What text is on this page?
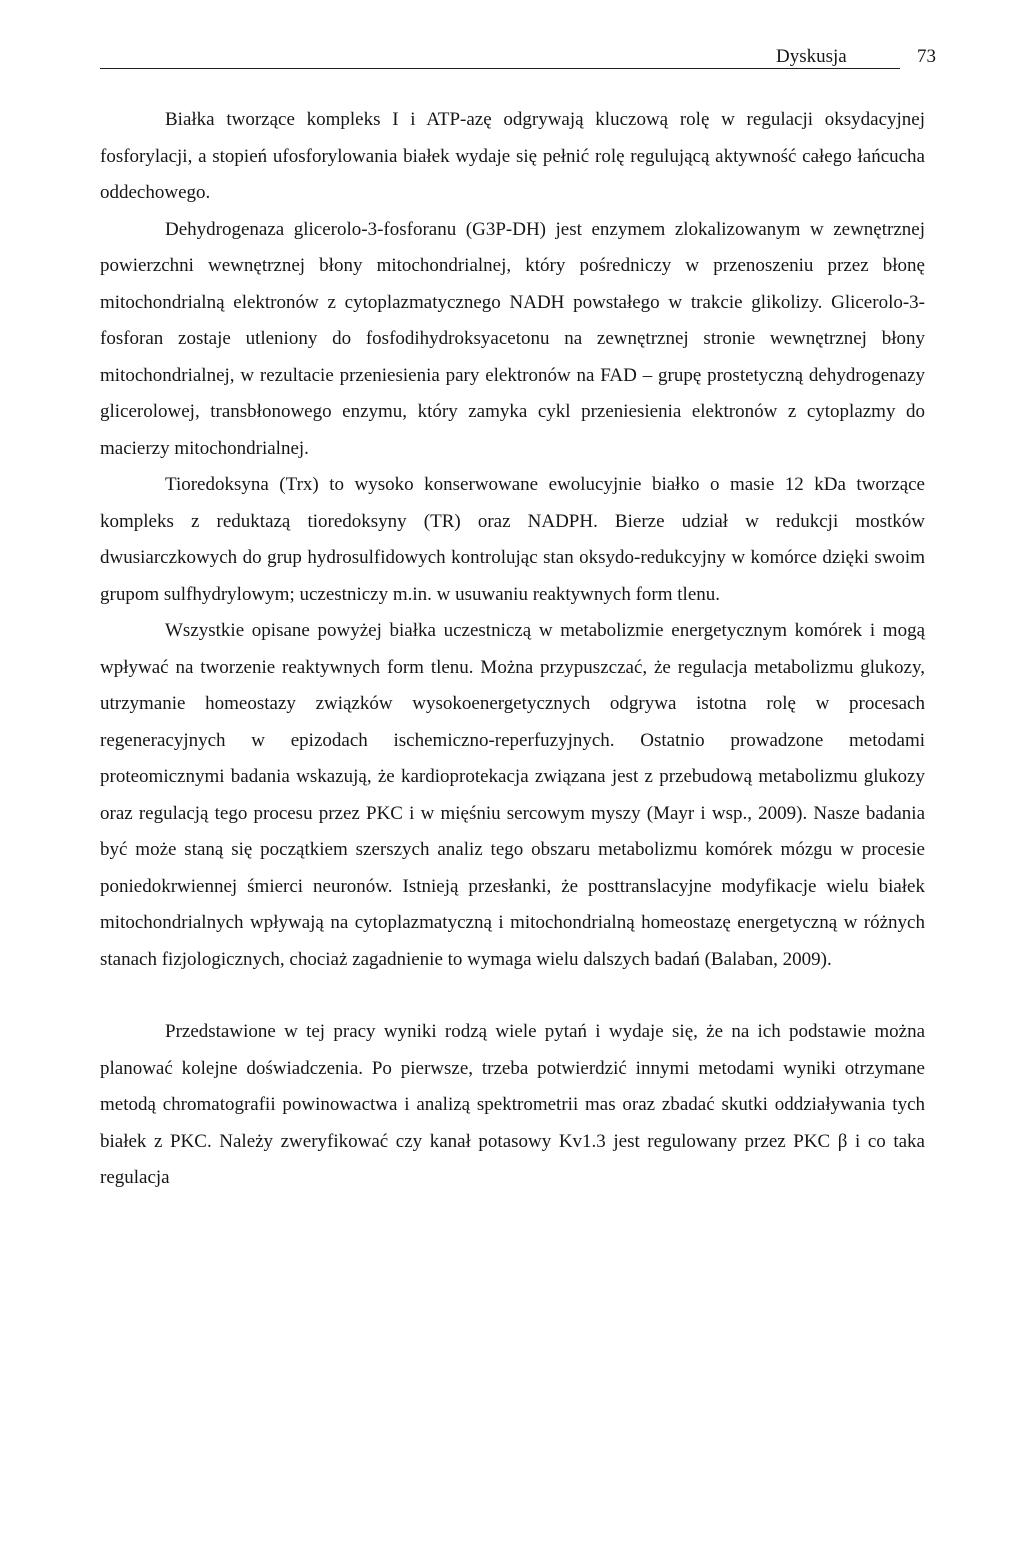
Dyskusja	73

Białka tworzące kompleks I i ATP-azę odgrywają kluczową rolę w regulacji oksydacyjnej fosforylacji, a stopień ufosforylowania białek wydaje się pełnić rolę regulującą aktywność całego łańcucha oddechowego.

Dehydrogenaza glicerolo-3-fosforanu (G3P-DH) jest enzymem zlokalizowanym w zewnętrznej powierzchni wewnętrznej błony mitochondrialnej, który pośredniczy w przenoszeniu przez błonę mitochondrialną elektronów z cytoplazmatycznego NADH powstałego w trakcie glikolizy. Glicerolo-3-fosforan zostaje utleniony do fosfodihydroksyacetonu na zewnętrznej stronie wewnętrznej błony mitochondrialnej, w rezultacie przeniesienia pary elektronów na FAD – grupę prostetyczną dehydrogenazy glicerolowej, transbłonowego enzymu, który zamyka cykl przeniesienia elektronów z cytoplazmy do macierzy mitochondrialnej.

Tioredoksyna (Trx) to wysoko konserwowane ewolucyjnie białko o masie 12 kDa tworzące kompleks z reduktazą tioredoksyny (TR) oraz NADPH. Bierze udział w redukcji mostków dwusiarczkowych do grup hydrosulfidowych kontrolując stan oksydo-redukcyjny w komórce dzięki swoim grupom sulfhydrylowym; uczestniczy m.in. w usuwaniu reaktywnych form tlenu.

Wszystkie opisane powyżej białka uczestniczą w metabolizmie energetycznym komórek i mogą wpływać na tworzenie reaktywnych form tlenu. Można przypuszczać, że regulacja metabolizmu glukozy, utrzymanie homeostazy związków wysokoenergetycznych odgrywa istotna rolę w procesach regeneracyjnych w epizodach ischemiczno-reperfuzyjnych. Ostatnio prowadzone metodami proteomicznymi badania wskazują, że kardioprotekacja związana jest z przebudową metabolizmu glukozy oraz regulacją tego procesu przez PKC i w mięśniu sercowym myszy (Mayr i wsp., 2009). Nasze badania być może staną się początkiem szerszych analiz tego obszaru metabolizmu komórek mózgu w procesie poniedokrwiennej śmierci neuronów. Istnieją przesłanki, że posttranslacyjne modyfikacje wielu białek mitochondrialnych wpływają na cytoplazmatyczną i mitochondrialną homeostazę energetyczną w różnych stanach fizjologicznych, chociaż zagadnienie to wymaga wielu dalszych badań (Balaban, 2009).

Przedstawione w tej pracy wyniki rodzą wiele pytań i wydaje się, że na ich podstawie można planować kolejne doświadczenia. Po pierwsze, trzeba potwierdzić innymi metodami wyniki otrzymane metodą chromatografii powinowactwa i analizą spektrometrii mas oraz zbadać skutki oddziaływania tych białek z PKC. Należy zweryfikować czy kanał potasowy Kv1.3 jest regulowany przez PKC β i co taka regulacja
